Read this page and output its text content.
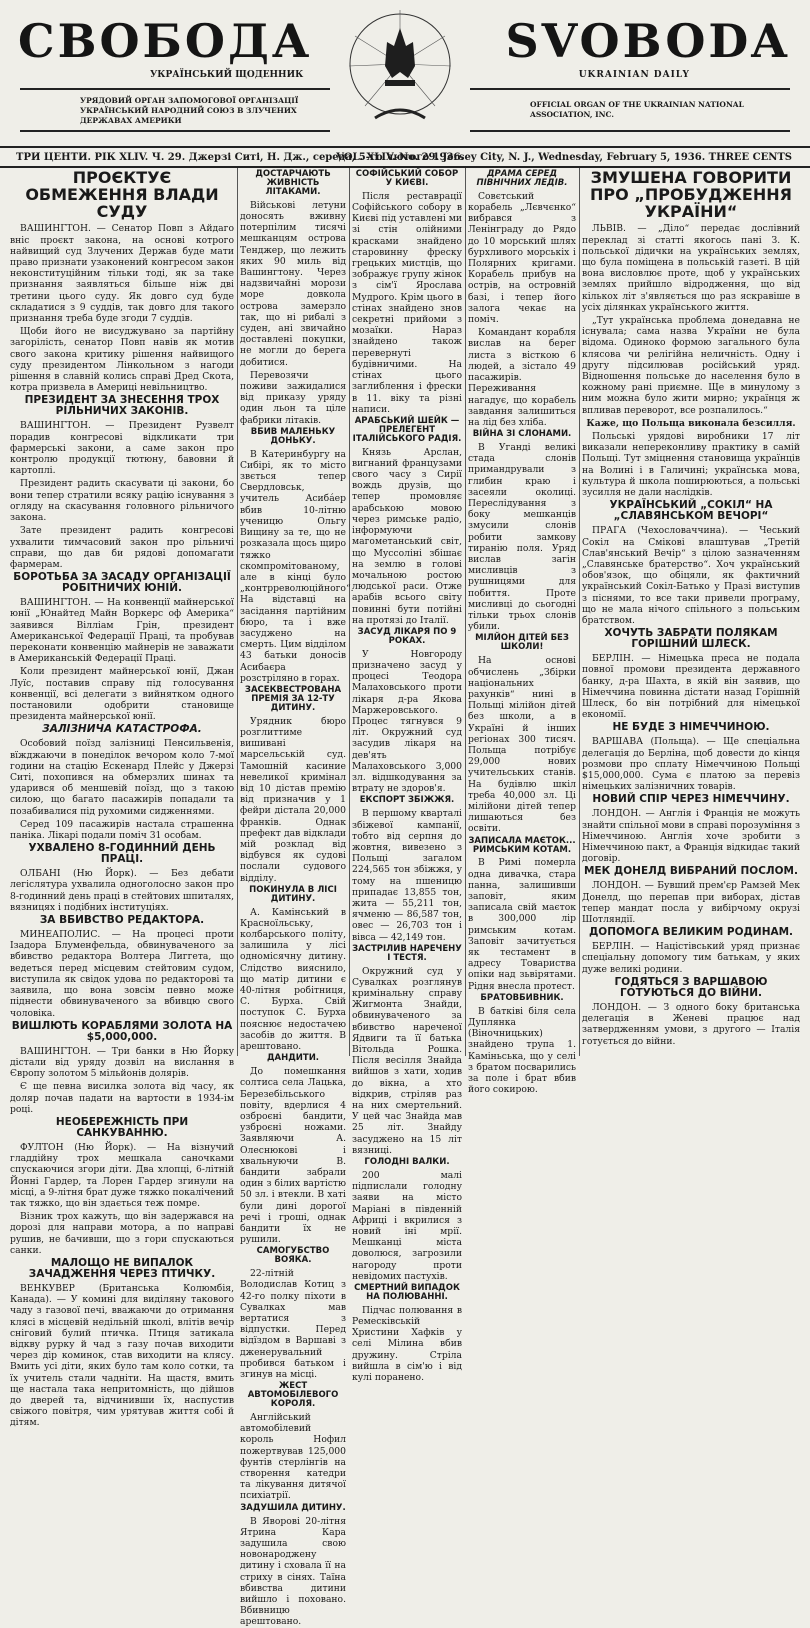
СВОБОДА	SVOBODA
УКРАЇНСЬКИЙ ЩОДЕННИК	UKRAINIAN DAILY
УРЯДОВИЙ ОРГАН ЗАПОМОГОВОЇ ОРГАНІЗАЦІЇ УКРАЇНСЬКИЙ НАРОДНИЙ СОЮЗ В ЗЛУЧЕНИХ ДЕРЖАВАХ АМЕРИКИ
OFFICIAL ORGAN OF THE UKRAINIAN NATIONAL ASSOCIATION, INC.
ТРИ ЦЕНТИ. РІК XLIV. Ч. 29. Джерзі Ситі, Н. Дж., середа, 5-го лютого 1936.
VOL. XLIV. No. 29. Jersey City, N. J., Wednesday, February 5, 1936. THREE CENTS
ПРОЄКТУЄ ОБМЕЖЕННЯ ВЛАДИ СУДУ

ВАШИНГТОН. — Сенатор Повп з Айдаго вніс проєкт закона, на основі котрого найвищий суд Злучених Держав буде мати право признати узаконений конгресом закон неконституційним тільки тоді, як за таке признання заявляться більше ніж дві третини цього суду. Як довго суд буде складатися з 9 суддів, так довго для такого признання треба буде згоди 7 суддів.

Щоби його не висуджувано за партійну загорілість, сенатор Повп навів як мотив свого закона критику рішення найвищого суду президентом Лінкольном з нагоди рішення в славній колись справі Дред Скота, котра призвела в Америці невільництво.

ПРЕЗИДЕНТ ЗА ЗНЕСЕННЯ ТРОХ РІЛЬНИЧИХ ЗАКОНІВ.

ВАШИНГТОН. — Президент Рузвелт порадив конгресові відкликати три фармерські закони, а саме закон про контролю продукції тютюну, бавовни й картоплі.

Президент радить скасувати ці закони, бо вони тепер стратили всяку рацію існування з огляду на скасування головного рільничого закона.

Зате президент радить конгресові ухвалити тимчасовий закон про рільничі справи, що дав би рядові допомагати фармерам.

БОРОТЬБА ЗА ЗАСАДУ ОРГАНІЗАЦІЇ РОБІТНИЧИХ ЮНІЙ.

ВАШИНГТОН. — На конвенції майнерської юнії „Юнайтед Майн Воркерс оф Америка“ заявився Вілліам Грін, президент Американської Федерації Праці, та пробував переконати конвенцію майнерів не заважати в Американській Федерації Праці.

Коли президент майнерської юнії, Джан Луїс, поставив справу під голосування конвенції, всі делегати з вийнятком одного постановили одобрити становище президента майнерської юнії.

ЗАЛІЗНИЧА КАТАСТРОФА.

Особовий поїзд залізниці Пенсильвенія, вїжджаючи в понеділок вечором коло 7-мої години на стацію Ескенард Плейс у Джерзі Ситі, похопився на обмерзлих шинах та ударився об меншевій поїзд, що з такою силою, що багато пасажирів попадали та позабивалися під рухомими сидженнями.

Серед 109 пасажирів настала страшенна паніка. Лікарі подали поміч 31 особам.

УХВАЛЕНО 8-ГОДИННИЙ ДЕНЬ ПРАЦІ.

ОЛБАНІ (Ню Йорк). — Без дебати легіслятура ухвалила одноголосно закон про 8-годинний день праці в стейтових шпиталях, вязницях і подібних інституціях.

ЗА ВБИВСТВО РЕДАКТОРА.

МИНЕАПОЛИС. — На процесі проти Ізадора Блуменфельда, обвинуваченого за вбивство редактора Волтера Лиггета, що ведеться перед місцевим стейтовим судом, виступила як свідок удова по редакторові та заявила, що вона зовсім певно може піднести обвинуваченого за вбивцю свого чоловіка.

ВИШЛЮТЬ КОРАБЛЯМИ ЗОЛОТА НА $5,000,000.

ВАШИНГТОН. — Три банки в Ню Йорку дістали від уряду дозвіл на вислання в Європу золотом 5 мільйонів долярів.

Є ще певна висилка золота від часу, як доляр почав падати на вартости в 1934-ім році.

НЕОБЕРЕЖНІСТЬ ПРИ САНКУВАННЮ.

ФУЛТОН (Ню Йорк). — На візнучий гладдійну трох мешкала саночками спускаючися згори діти. Два хлопці, 6-літній Йонні Гардер, та Лорен Гардер згинули на місці, а 9-літня брат дуже тяжко покалічений так тяжко, що він здається теж помре.

Візник трох кажуть, що він задержався на дорозі для направи мотора, а по направі рушив, не бачивши, що з гори спускаються санки.

МАЛОЩО НЕ ВИПАЛОК ЗАЧАДЖЕННЯ ЧЕРЕЗ ПТИЧКУ.

ВЕНКУВЕР (Британська Колюмбія, Канада). — У комині для виділяну такового чаду з газової печі, вважаючи до отримання клясі в місцевій недільній школі, влітів вечір сніговий булий птичка. Птиця затикала відкву рурку й чад з газу почав виходити через дір коминок, став виходити на клясу. Вмить усі діти, яких було там коло сотки, та їх учитель стали чадніти. На щастя, вмить ще настала така непритомність, що дійшов до дверей та, відчинивши їх, наспустив свіжого повітря, чим урятував життя собі й дітям.

ДОСТАРЧАЮТЬ ЖИВНІСТЬ ЛІТАКАМИ.

Військові летуни доносять вживну потерпілим тисячі мешканцям острова Тенджер, що лежить яких 90 миль від Вашингтону. Через надзвичайні морози море довкола острова замерзло так, що ні рибалі з суден, ані звичайно доставлені покупки, не могли до берега добитися.

Перевозячи поживи зажидалися від приказу уряду один льон та ціле фабрики літаків.

ВБИВ МАЛЕНЬКУ ДОНЬКУ.

В Катеринбургу на Сибірі, як то місто звється тепер Свердловськ, учитель Асиба́ер вбив 10-літню ученицю Ольгу Вищину за те, що не розказала щось щиро тяжко скомпромітованому, але в кінці було „контрреволюційного“. На відставці на засідання партійним бюро, та і вже засуджено на смерть. Цим відділом 43 батьки доносів Асибаєра розстріляно в горах.

ЗАСЕКВЕСТРОВАНА ПРЕМІЯ ЗА 12-ТУ ДИТИНУ.

Урядник бюро розглиттиме вишивані марсельській суд. Тамошній касиние невеликої кримінал від 10 дістав премію від призначив у 1 фейри дістала 20,000 франків. Однак префект дав відклади мій розклад від відбувся як судові послали судового відділу.

ПОКИНУЛА В ЛІСІ ДИТИНУ.

А. Камінський в Красноїльську, колбарського політу, залишила у лісі одномісячну дитину. Слідство вияснило, що матір дитини є 40-літня робітниця, С. Бурха. Свій поступок С. Бурха пояснює недостачею засобів до життя. В арештовано.

ДАНДИТИ.

До помешкання солтиса села Лацька, Березебільського повіту, вдерлися 4 озброєні бандити, узброєні ножами. Заявляючи А. Олеснюкові і хвальнуючи В. бандити забрали один з білих вартістю 50 зл. і втекли. В хаті були дині дорогої речі і гроші, однак бандити їх не рушили.

САМОГУБСТВО ВОЯКА.

22-літній Володислав Котиц з 42-го полку піхоти в Сувалках мав вертатися з відпустки. Перед відїздом в Варшаві з дженерувальний пробився батьком і згинув на місці.

ЖЕСТ АВТОМОБІЛЕВОГО КОРОЛЯ.

Англійський автомобілевий король Нофил пожертвував 125,000 фунтів стерлінгів на створення катедри та лікування дитячої психіатрії.

ЗАДУШИЛА ДИТИНУ.

В Яворові 20-літня Ятрина Кара задушила свою новонароджену дитину і сховала її на стриху в сінях. Таїна вбивства дитини вийшло і поховано. Вбивницю арештовано.

СОФІЙСЬКИЙ СОБОР У КИЄВІ.

Після реставрації Софійського собору в Києві під уставлені ми зі стін олійними красками знайдено старовинну фреску грецьких мистців, що зображує групу жінок з сім'ї Ярослава Мудрого. Крім цього в стінах знайдено знов секретні прийоми з мозаїки. Нараз знайдено також перевернуті будівничими. На стінах цього заглиблення і фрески в 11. віку та різні написи.

АРАБСЬКИЙ ШЕЙК — ПРЕЛЕГЕНТ ІТАЛІЙСЬКОГО РАДІЯ.

Князь Арслан, вигнаний французами свого часу з Сирії вождь друзів, що тепер промовляє арабською мовою через римське радіо, інформуючи магометанський світ, що Муссоліні збішає на землю в голові мочальною ростою людської раси. Отже арабів всього світу повинні бути потійні на протязі до Італії.

ЗАСУД ЛІКАРЯ ПО 9 РОКАХ.

У Новгороду призначено засуд у процесі Теодора Малаховського проти лікаря д-ра Якова Маржеровського. Процес тягнувся 9 літ. Окружний суд засудив лікаря на дев'ять Малаховського 3,000 зл. відшкодування за втрату не здоров'я.

ЕКСПОРТ ЗБІЖЖЯ.

В першому кварталі збіжевої кампанії, тобто від серпня до жовтня, вивезено з Польщі загалом 224,565 тон збіжжя, у тому на пшеницю припадає 13,855 тон, жита — 55,211 тон, ячменю — 86,587 тон, овес — 26,703 тон і вівса — 42,149 тон.

ЗАСТРІЛИВ НАРЕЧЕНУ І ТЕСТЯ.

Окружний суд у Сувалках розглянув кримінальну справу Жигмонта Знайди, обвинуваченого за вбивство нареченої Ядвиги та її батька Вітольда Рошка. Після весілля Знайда вийшов з хати, ходив до вікна, а хто відкрив, стріляв раз на них смертельний. У цей час Знайда мав 25 літ. Знайду засуджено на 15 літ вязниці.

ГОЛОДНІ ВАЛКИ.

200 малі підпислали голодну заяви на місто Маріані в південній Африці і вкрилися з новий іні мрії. Мешканці міста доволюся, загрозили нагороду проти невідомих пастухів.

СМЕРТНИЙ ВИПАДОК НА ПОЛЮВАННІ.

Підчас полювання в Ремесківській Христини Хафків у селі Мілина вбив дружину. Стріла вийшла в сім'ю і від кулі поранено.

ДРАМА СЕРЕД ПІВНІЧНИХ ЛЕДІВ.

Совєтський корабель „Лєвчєнко“ вибрався з Ленінграду до Рядо до 10 морський шлях бурхливого морськіх і Полярних кригами. Корабель прибув на острів, на островній базі, і тепер його залога чекає на поміч.

Командант корабля вислав на берег листа з вісткою 6 людей, а зістало 49 пасажирів. Переживання нагадує, що корабель завдання залишиться на лід без хліба.

ВІЙНА ЗІ СЛОНАМИ.

В Уганді великі стада слонів примандрували з глибин краю і засеяли околиці. Переслідування з боку мешканців змусили слонів робити замкову тиранію поля. Уряд вислав загін мисливців з рушницями для побиття. Проте мисливці до сьогодні тільки трьох слонів убили.

МІЛЙОН ДІТЕЙ БЕЗ ШКОЛИ!

На основі обчислень „Збірки національних рахунків“ нині в Польщі мілійон дітей без школи, а в Україні й інших регіонах 300 тисяч. Польща потрібує 29,000 нових учительських станів. На будівлю шкіл треба 40,000 зл. Ці мілійони дітей тепер лишаються без освіти.

ЗАПИСАЛА МАЄТОК... РИМСЬКИМ КОТАМ.

В Римі померла одна дивачка, стара панна, залишивши заповіт, яким записала свій маєток в 300,000 лір римським котам. Заповіт зачитується як тестамент в адресу Товариства опіки над зьвірятами. Рідня внесла протест.

БРАТОВБИВНИК.

В батківі біля села Дуплянка (Віночницьких) знайдено трупа 1. Каміньська, що у селі з братом посварились за поле і брат вбив його сокирою.

ЗМУШЕНА ГОВОРИТИ ПРО „ПРОБУДЖЕННЯ УКРАЇНИ“

ЛЬВІВ. — „Діло“ передає дослівний переклад зі статті якогось пані З. К. польської дідички на українських землях, що була поміщена в польській газеті. В цій вона висловлює проте, щоб у українських землях прийшло відродження, що від кількох літ з'являється що раз яскравіше в усіх ділянках українського життя.

„Тут українська проблема донедавна не існувала; сама назва України не була відома. Одиноко формою загального була клясова чи релігійна неличність. Одну і другу підсилював російський уряд. Відношення польське до населення було в кожному рані приємне. Ще в минулому з ним можна було жити мирно; українця ж впливав переворот, все розпалилось.“

Каже, що Польща виконала безсилля.

Польські урядові виробники 17 літ виказали непереконливу практику в самій Польщі. Тут зміцнення становища українців на Волині і в Галичині; українська мова, культура й школа поширюються, а польські зусилля не дали наслідків.

УКРАЇНСЬКИЙ „СОКІЛ“ НА „СЛАВЯНСЬКОМ ВЕЧОРІ“

ПРАГА (Чехословаччина). — Чеський Сокіл на Смікові влаштував „Третій Слав'янський Вечір“ з цілою зазначенням „Славянське братерство“. Хоч український обов'язок, що обіцяли, як фактичний український Сокіл-Батько у Празі виступив з піснями, то все таки привели програму, що не мала нічого спільного з польським братством.

ХОЧУТЬ ЗАБРАТИ ПОЛЯКАМ ГОРІШНИЙ ШЛЕСК.

БЕРЛІН. — Німецька преса не подала повної промови президента державного банку, д-ра Шахта, в якій він заявив, що Німеччина повинна дістати назад Горішній Шлеск, бо він потрібний для німецької економії.

НЕ БУДЕ З НІМЕЧЧИНОЮ.

ВАРШАВА (Польща). — Ще спеціальна делегація до Берліна, щоб довести до кінця розмови про сплату Німеччиною Польщі $15,000,000. Сума є платою за перевіз німецьких залізничних товарів.

НОВИЙ СПІР ЧЕРЕЗ НІМЕЧЧИНУ.

ЛОНДОН. — Англія і Франція не можуть знайти спільної мови в справі порозуміння з Німеччиною. Англія хоче зробити з Німеччиною пакт, а Франція відкидає такий договір.

МЕК ДОНЕЛД ВИБРАНИЙ ПОСЛОМ.

ЛОНДОН. — Бувший прем'єр Рамзей Мек Донелд, що перепав при виборах, дістав тепер мандат посла у вибірчому окрузі Шотляндії.

ДОПОМОГА ВЕЛИКИМ РОДИНАМ.

БЕРЛІН. — Націстівський уряд признає спеціальну допомогу тим батькам, у яких дуже великі родини.

ГОДЯТЬСЯ З ВАРШАВОЮ ГОТУЮТЬСЯ ДО ВІЙНИ.

ЛОНДОН. — З одного боку британська делегація в Женеві працює над затвердженням умови, з другого — Італія готується до війни.
